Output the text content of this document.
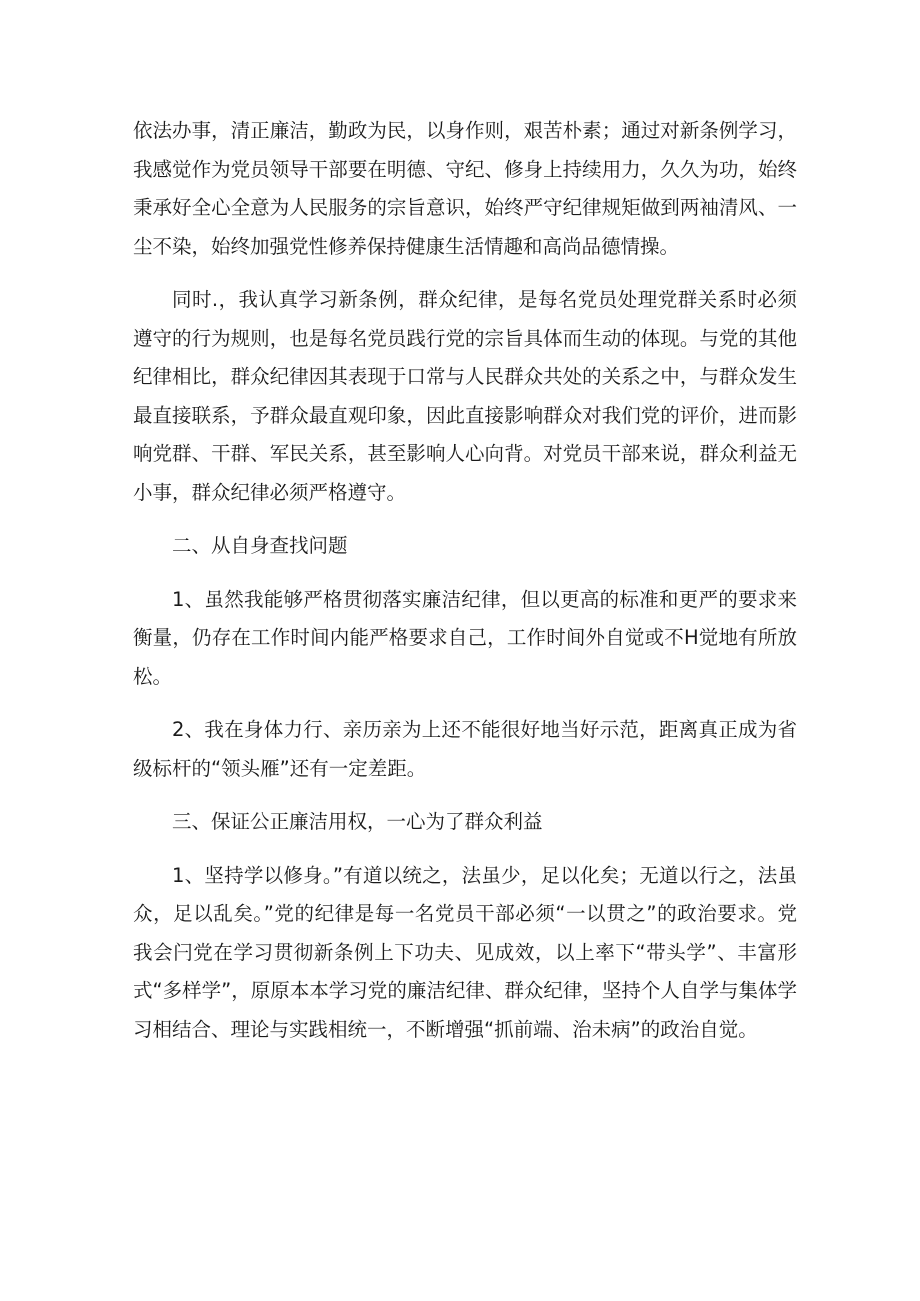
依法办事，清正廉洁，勤政为民，以身作则，艰苦朴素；通过对新条例学习，我感觉作为党员领导干部要在明德、守纪、修身上持续用力，久久为功，始终秉承好全心全意为人民服务的宗旨意识，始终严守纪律规矩做到两袖清风、一尘不染，始终加强党性修养保持健康生活情趣和高尚品德情操。

同时.，我认真学习新条例，群众纪律，是每名党员处理党群关系时必须遵守的行为规则，也是每名党员践行党的宗旨具体而生动的体现。与党的其他纪律相比，群众纪律因其表现于口常与人民群众共处的关系之中，与群众发生最直接联系，予群众最直观印象，因此直接影响群众对我们党的评价，进而影响党群、干群、军民关系，甚至影响人心向背。对党员干部来说，群众利益无小事，群众纪律必须严格遵守。

二、从自身查找问题

1、虽然我能够严格贯彻落实廉洁纪律，但以更高的标准和更严的要求来衡量，仍存在工作时间内能严格要求自己，工作时间外自觉或不H觉地有所放松。

2、我在身体力行、亲历亲为上还不能很好地当好示范，距离真正成为省级标杆的“领头雁”还有一定差距。

三、保证公正廉洁用权，一心为了群众利益

1、坚持学以修身。”有道以统之，法虽少，足以化矣；无道以行之，法虽众，足以乱矣。”党的纪律是每一名党员干部必须“一以贯之”的政治要求。党我会闩党在学习贯彻新条例上下功夫、见成效，以上率下“带头学”、丰富形式“多样学”，原原本本学习党的廉洁纪律、群众纪律，坚持个人自学与集体学习相结合、理论与实践相统一，不断增强“抓前端、治未病”的政治自觉。
